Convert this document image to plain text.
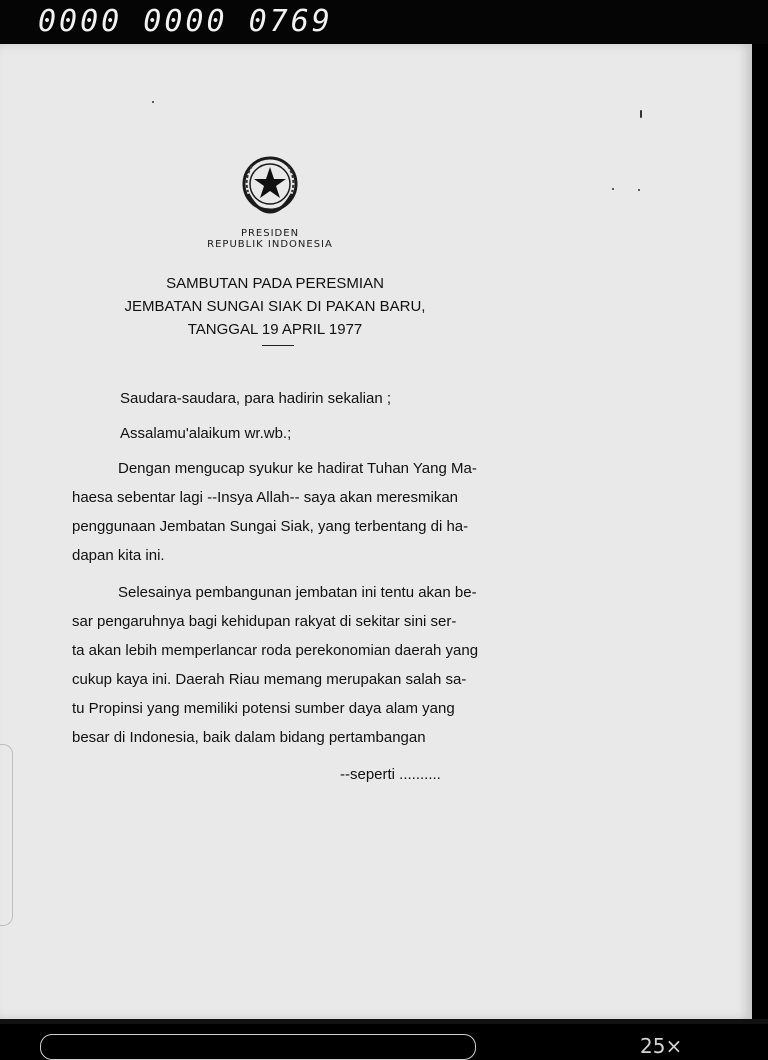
0000 0000 0769
PRESIDEN
REPUBLIK INDONESIA
SAMBUTAN PADA PERESMIAN
JEMBATAN SUNGAI SIAK DI PAKAN BARU,
TANGGAL 19 APRIL 1977

Saudara-saudara, para hadirin sekalian ;

Assalamu'alaikum wr.wb.;

Dengan mengucap syukur ke hadirat Tuhan Yang Ma-
haesa sebentar lagi --Insya Allah-- saya akan meresmikan
penggunaan Jembatan Sungai Siak, yang terbentang di ha-
dapan kita ini.

Selesainya pembangunan jembatan ini tentu akan be-
sar pengaruhnya bagi kehidupan rakyat di sekitar sini ser-
ta akan lebih memperlancar roda perekonomian daerah yang
cukup kaya ini. Daerah Riau memang merupakan salah sa-
tu Propinsi yang memiliki potensi sumber daya alam yang
besar di Indonesia, baik dalam bidang pertambangan

--seperti ..........
25×
